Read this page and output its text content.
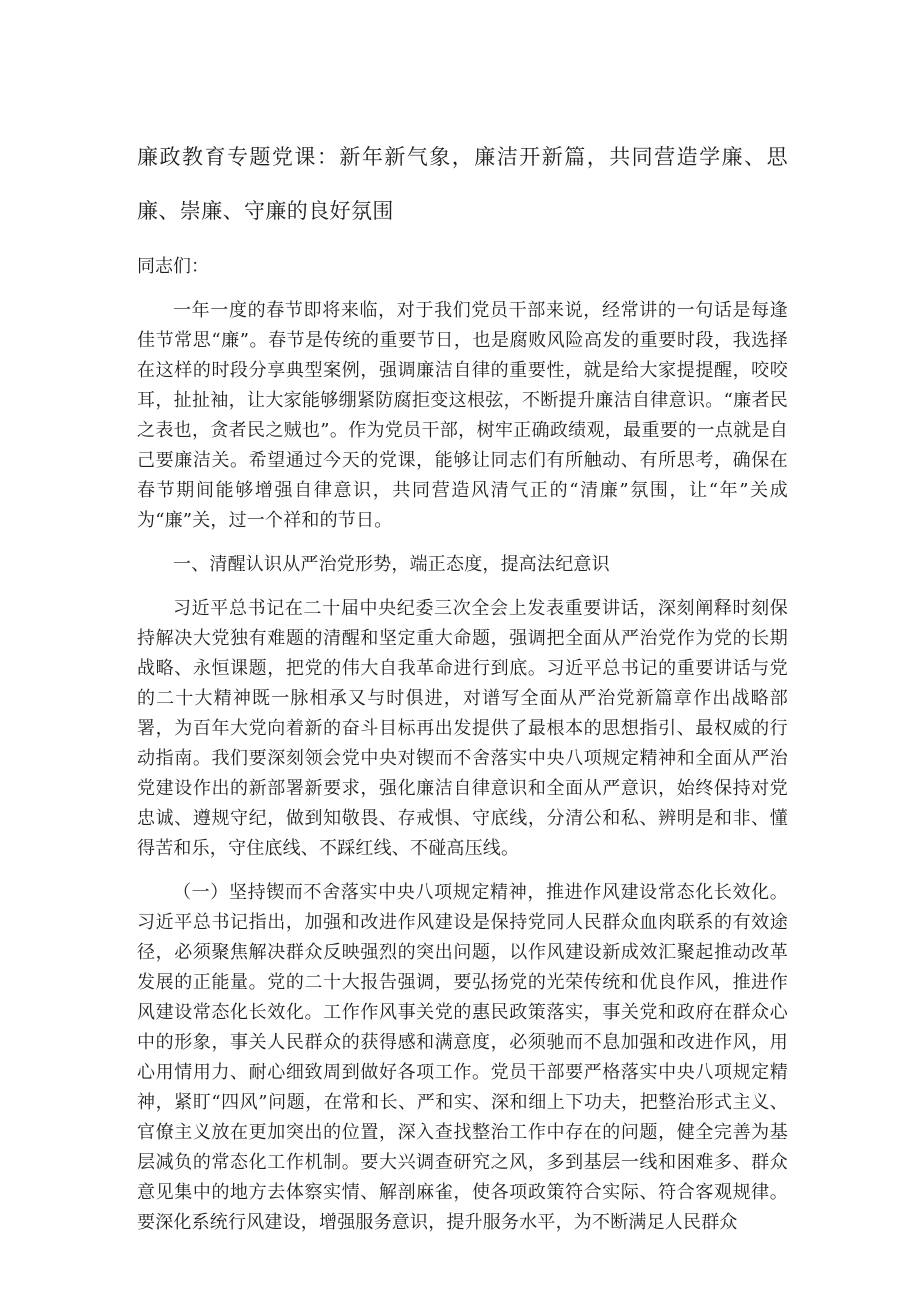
廉政教育专题党课：新年新气象，廉洁开新篇，共同营造学廉、思廉、崇廉、守廉的良好氛围

同志们：

一年一度的春节即将来临，对于我们党员干部来说，经常讲的一句话是每逢佳节常思“廉”。春节是传统的重要节日，也是腐败风险高发的重要时段，我选择在这样的时段分享典型案例，强调廉洁自律的重要性，就是给大家提提醒，咬咬耳，扯扯袖，让大家能够绷紧防腐拒变这根弦，不断提升廉洁自律意识。“廉者民之表也，贪者民之贼也”。作为党员干部，树牢正确政绩观，最重要的一点就是自己要廉洁关。希望通过今天的党课，能够让同志们有所触动、有所思考，确保在春节期间能够增强自律意识，共同营造风清气正的“清廉”氛围，让“年”关成为“廉”关，过一个祥和的节日。

一、清醒认识从严治党形势，端正态度，提高法纪意识

习近平总书记在二十届中央纪委三次全会上发表重要讲话，深刻阐释时刻保持解决大党独有难题的清醒和坚定重大命题，强调把全面从严治党作为党的长期战略、永恒课题，把党的伟大自我革命进行到底。习近平总书记的重要讲话与党的二十大精神既一脉相承又与时俱进，对谱写全面从严治党新篇章作出战略部署，为百年大党向着新的奋斗目标再出发提供了最根本的思想指引、最权威的行动指南。我们要深刻领会党中央对锲而不舍落实中央八项规定精神和全面从严治党建设作出的新部署新要求，强化廉洁自律意识和全面从严意识，始终保持对党忠诚、遵规守纪，做到知敬畏、存戒惧、守底线，分清公和私、辨明是和非、懂得苦和乐，守住底线、不踩红线、不碰高压线。

（一）坚持锲而不舍落实中央八项规定精神，推进作风建设常态化长效化。习近平总书记指出，加强和改进作风建设是保持党同人民群众血肉联系的有效途径，必须聚焦解决群众反映强烈的突出问题，以作风建设新成效汇聚起推动改革发展的正能量。党的二十大报告强调，要弘扬党的光荣传统和优良作风，推进作风建设常态化长效化。工作作风事关党的惠民政策落实，事关党和政府在群众心中的形象，事关人民群众的获得感和满意度，必须驰而不息加强和改进作风，用心用情用力、耐心细致周到做好各项工作。党员干部要严格落实中央八项规定精神，紧盯“四风”问题，在常和长、严和实、深和细上下功夫，把整治形式主义、官僚主义放在更加突出的位置，深入查找整治工作中存在的问题，健全完善为基层减负的常态化工作机制。要大兴调查研究之风，多到基层一线和困难多、群众意见集中的地方去体察实情、解剖麻雀，使各项政策符合实际、符合客观规律。要深化系统行风建设，增强服务意识，提升服务水平，为不断满足人民群众
